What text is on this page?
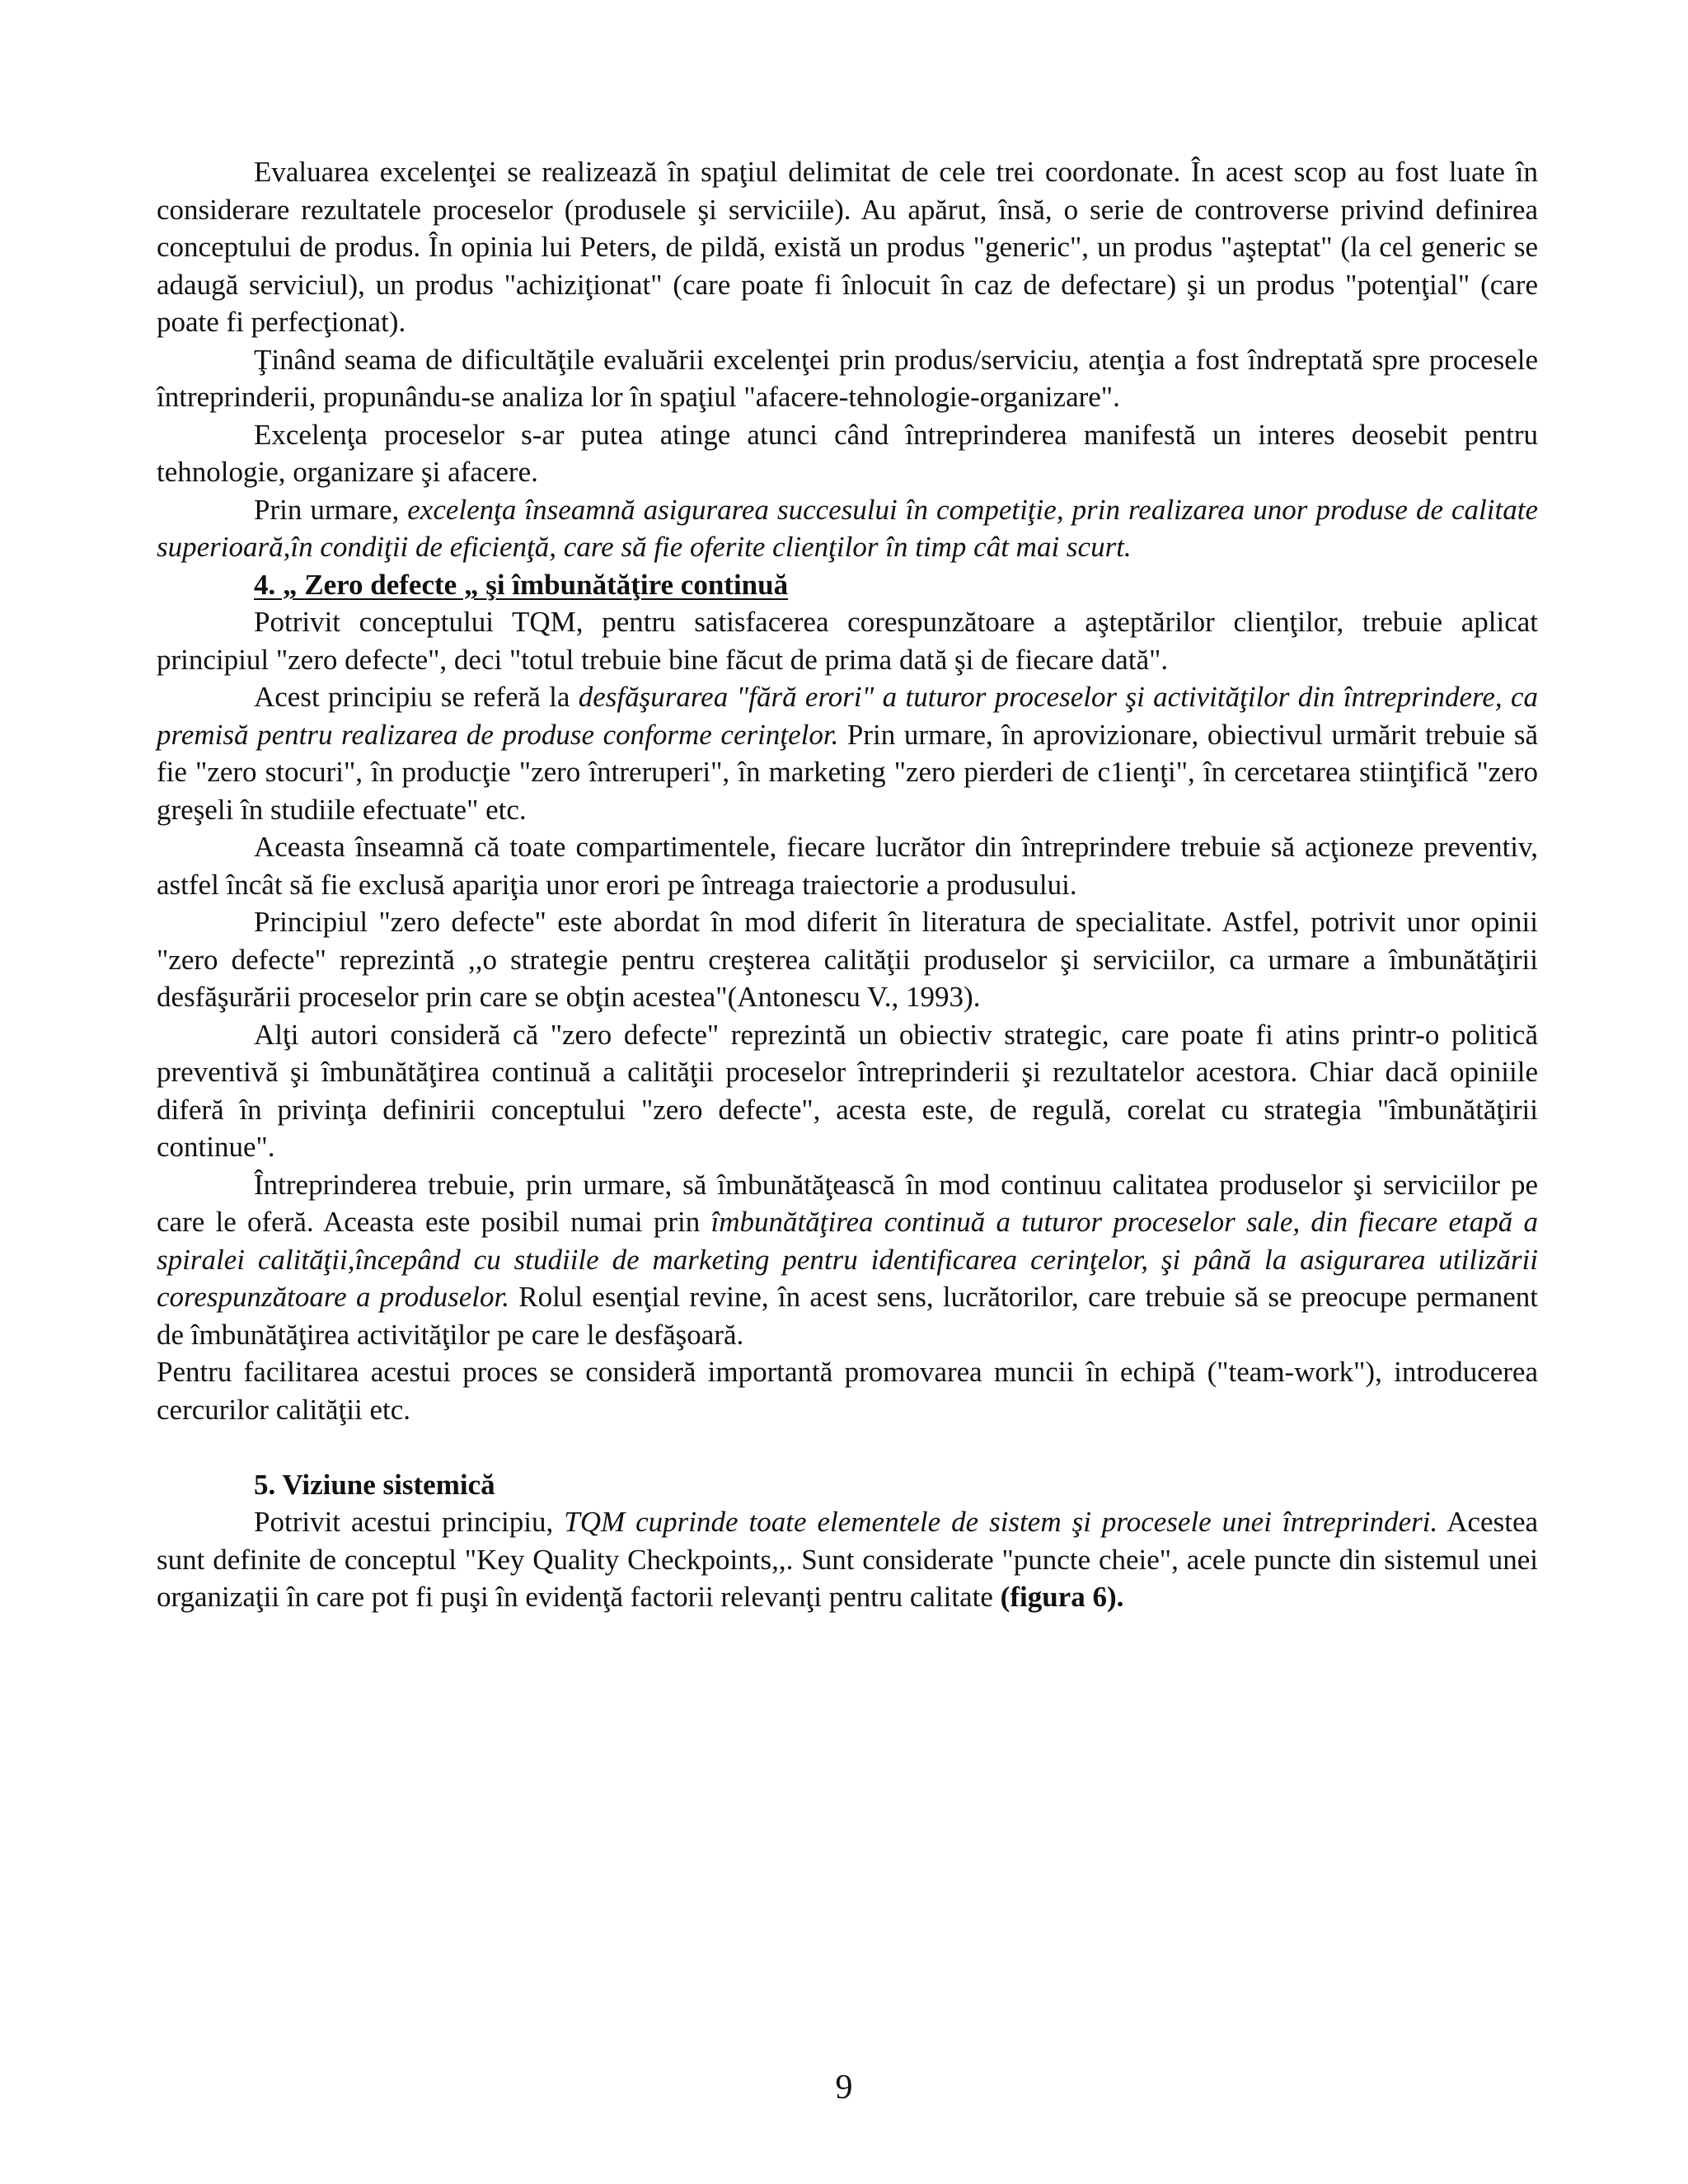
Evaluarea excelenţei se realizează în spaţiul delimitat de cele trei coordonate. În acest scop au fost luate în considerare rezultatele proceselor (produsele şi serviciile). Au apărut, însă, o serie de controverse privind definirea conceptului de produs. În opinia lui Peters, de pildă, există un produs "generic", un produs "aşteptat" (la cel generic se adaugă serviciul), un produs "achiziţionat" (care poate fi înlocuit în caz de defectare) şi un produs "potenţial" (care poate fi perfecţionat).

Ţinând seama de dificultăţile evaluării excelenţei prin produs/serviciu, atenţia a fost îndreptată spre procesele întreprinderii, propunându-se analiza lor în spaţiul "afacere-tehnologie-organizare".

Excelenţa proceselor s-ar putea atinge atunci când întreprinderea manifestă un interes deosebit pentru tehnologie, organizare şi afacere.

Prin urmare, excelenţa înseamnă asigurarea succesului în competiţie, prin realizarea unor produse de calitate superioară,în condiţii de eficienţă, care să fie oferite clienţilor în timp cât mai scurt.

4. „ Zero defecte „ şi îmbunătăţire continuă

Potrivit conceptului TQM, pentru satisfacerea corespunzătoare a aşteptărilor clienţilor, trebuie aplicat principiul "zero defecte", deci "totul trebuie bine făcut de prima dată şi de fiecare dată".

Acest principiu se referă la desfăşurarea "fără erori" a tuturor proceselor şi activităţilor din întreprindere, ca premisă pentru realizarea de produse conforme cerinţelor. Prin urmare, în aprovizionare, obiectivul urmărit trebuie să fie "zero stocuri", în producţie "zero întreruperi", în marketing "zero pierderi de c1ienţi", în cercetarea stiinţifică "zero greşeli în studiile efectuate" etc.

Aceasta înseamnă că toate compartimentele, fiecare lucrător din întreprindere trebuie să acţioneze preventiv, astfel încât să fie exclusă apariţia unor erori pe întreaga traiectorie a produsului.

Principiul "zero defecte" este abordat în mod diferit în literatura de specialitate. Astfel, potrivit unor opinii "zero defecte" reprezintă ,,o strategie pentru creşterea calităţii produselor şi serviciilor, ca urmare a îmbunătăţirii desfăşurării proceselor prin care se obţin acestea"(Antonescu V., 1993).

Alţi autori consideră că "zero defecte" reprezintă un obiectiv strategic, care poate fi atins printr-o politică preventivă şi îmbunătăţirea continuă a calităţii proceselor întreprinderii şi rezultatelor acestora. Chiar dacă opiniile diferă în privinţa definirii conceptului "zero defecte", acesta este, de regulă, corelat cu strategia "îmbunătăţirii continue".

Întreprinderea trebuie, prin urmare, să îmbunătăţească în mod continuu calitatea produselor şi serviciilor pe care le oferă. Aceasta este posibil numai prin îmbunătăţirea continuă a tuturor proceselor sale, din fiecare etapă a spiralei calităţii,începând cu studiile de marketing pentru identificarea cerinţelor, şi până la asigurarea utilizării corespunzătoare a produselor. Rolul esenţial revine, în acest sens, lucrătorilor, care trebuie să se preocupe permanent de îmbunătăţirea activităţilor pe care le desfăşoară.

Pentru facilitarea acestui proces se consideră importantă promovarea muncii în echipă ("team-work"), introducerea cercurilor calităţii etc.

5. Viziune sistemică

Potrivit acestui principiu, TQM cuprinde toate elementele de sistem şi procesele unei întreprinderi. Acestea sunt definite de conceptul "Key Quality Checkpoints,,. Sunt considerate "puncte cheie", acele puncte din sistemul unei organizaţii în care pot fi puşi în evidenţă factorii relevanţi pentru calitate (figura 6).

9
